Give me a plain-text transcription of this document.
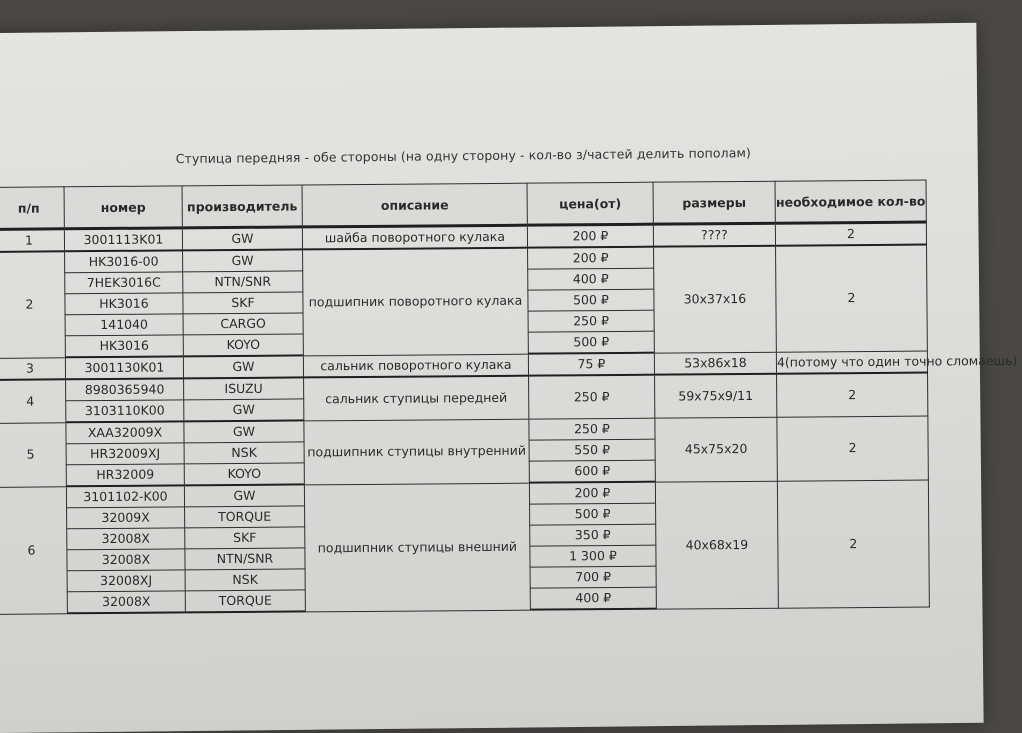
Ступица передняя - обе стороны (на одну сторону - кол-во з/частей делить пополам)
п/п	номер	производитель	описание	цена(от)	размеры	необходимое кол-во
1	3001113K01	GW	шайба поворотного кулака	200 ₽	????	2
2	HK3016-00	GW	подшипник поворотного кулака	200 ₽	30x37x16	2
	7HEK3016C	NTN/SNR		400 ₽		
	HK3016	SKF		500 ₽		
	141040	CARGO		250 ₽		
	HK3016	KOYO		500 ₽		
3	3001130K01	GW	сальник поворотного кулака	75 ₽	53x86x18	4(потому что один точно сломаешь)
4	8980365940	ISUZU	сальник ступицы передней	250 ₽	59x75x9/11	2
	3103110K00	GW				
5	XAA32009X	GW	подшипник ступицы внутренний	250 ₽	45x75x20	2
	HR32009XJ	NSK		550 ₽		
	HR32009	KOYO		600 ₽		
6	3101102-K00	GW	подшипник ступицы внешний	200 ₽	40x68x19	2
	32009X	TORQUE		500 ₽		
	32008X	SKF		350 ₽		
	32008X	NTN/SNR		1 300 ₽		
	32008XJ	NSK		700 ₽		
	32008X	TORQUE		400 ₽		
